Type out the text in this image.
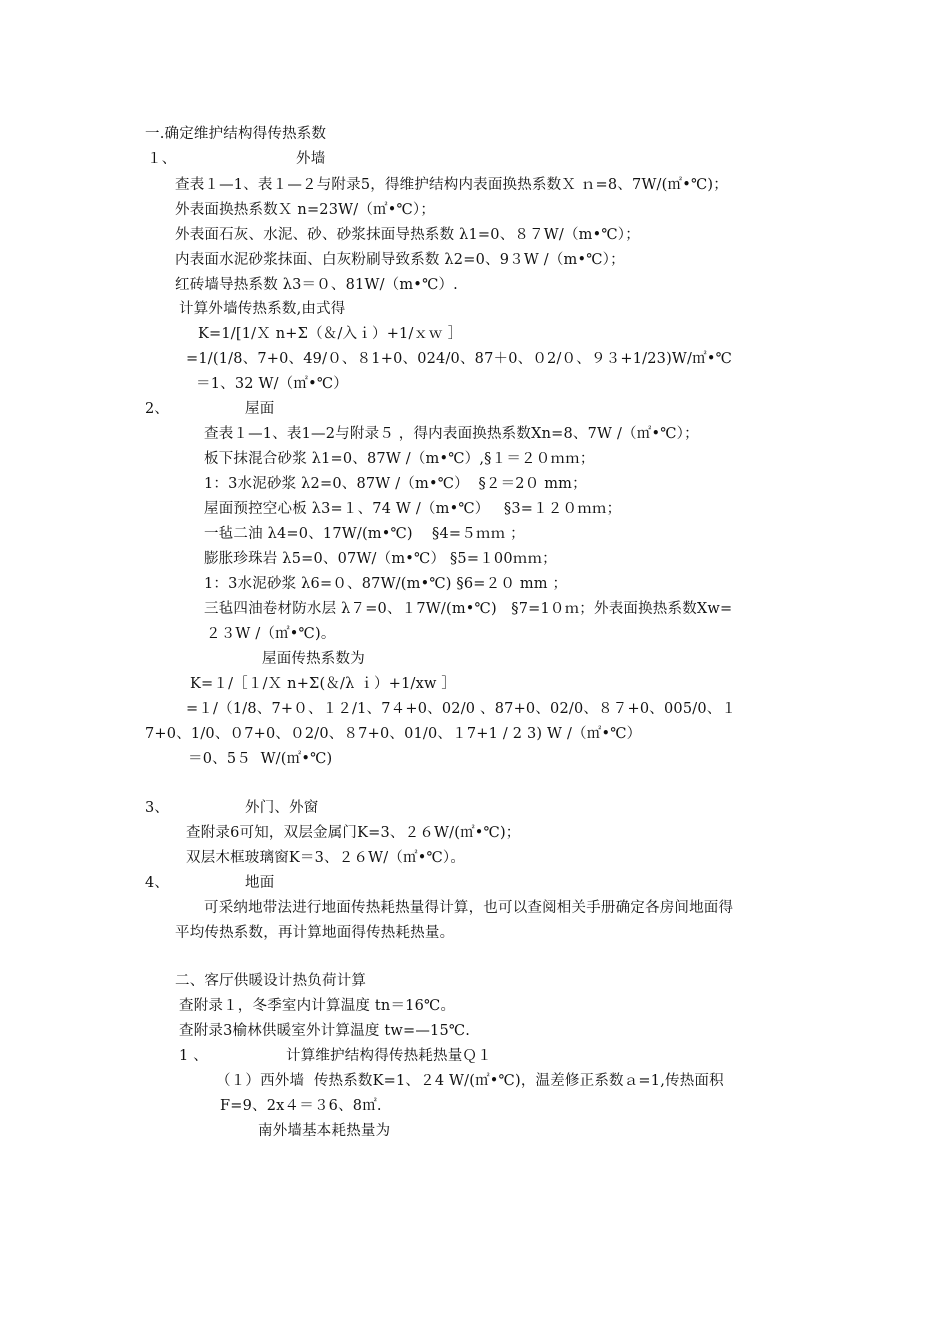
一.确定维护结构得传热系数
１、	外墙
查表１—1、表１—２与附录5，得维护结构内表面换热系数Ｘ ｎ=8、7W/(㎡•℃)；
外表面换热系数Ｘ n=23W/（㎡•℃）；
外表面石灰、水泥、砂、砂浆抹面导热系数 λ1=0、８７W/（m•℃）；
内表面水泥砂浆抹面、白灰粉刷导致系数 λ2=0、9３W /（m•℃）；
红砖墙导热系数 λ3＝０、81W/（m•℃）.
计算外墙传热系数,由式得
K=1/[1/Ｘ n+Σ（＆/入ｉ）+1/ｘｗ ］
=1/(1/8、7+0、49/０、８1+0、024/0、87＋0、０2/０、９３+1/23)W/㎡•℃
＝1、32 W/（㎡•℃）
2、	屋面
查表１—1、表1—2与附录５ ，得内表面换热系数Xn=8、7W /（㎡•℃）；
板下抹混合砂浆 λ1=0、87W /（m•℃）,§１＝２０ｍｍ；
1：3水泥砂浆 λ2=0、87W /（m•℃）  §２＝2０ mm；
屋面预控空心板 λ3=１、74 W /（m•℃）   §3=１２０ｍｍ；
一毡二油 λ4=0、17W/(m•℃)    §4=５ｍｍ ；
膨胀珍珠岩 λ5=0、07W/（m•℃） §5=１00ｍｍ；
1：3水泥砂浆 λ6=０、87W/(m•℃) §6=２０ mm ；
三毡四油卷材防水层 λ７=0、１7W/(m•℃)   §7=1０ｍ；外表面换热系数Xw=
２３W /（㎡•℃)。
屋面传热系数为
K=１/［１/Ｘ n+Σ(＆/λ ｉ）+1/xw ］
=１/（1/8、7+０、１２/1、7４+0、02/0 、87+0、02/0、８７+0、005/0、１
7+0、1/0、０7+0、０2/0、８7+0、01/0、１7+1 / 2 3) W /（㎡•℃）
＝0、5５  W/(㎡•℃)
3、	外门、外窗
查附录6可知，双层金属门K=3、２６W/(㎡•℃)；
双层木框玻璃窗K＝3、２６W/（㎡•℃）。
4、	地面
可采纳地带法进行地面传热耗热量得计算，也可以查阅相关手册确定各房间地面得
平均传热系数，再计算地面得传热耗热量。
二、客厅供暖设计热负荷计算
查附录１，冬季室内计算温度 tn＝16℃。
查附录3榆林供暖室外计算温度 tw=—15℃.
1 、	计算维护结构得传热耗热量Ｑ１
（１）西外墙  传热系数K=1、２4 W/(㎡•℃)，温差修正系数ａ=1,传热面积
F=9、2x４＝３6、8㎡.
南外墙基本耗热量为
